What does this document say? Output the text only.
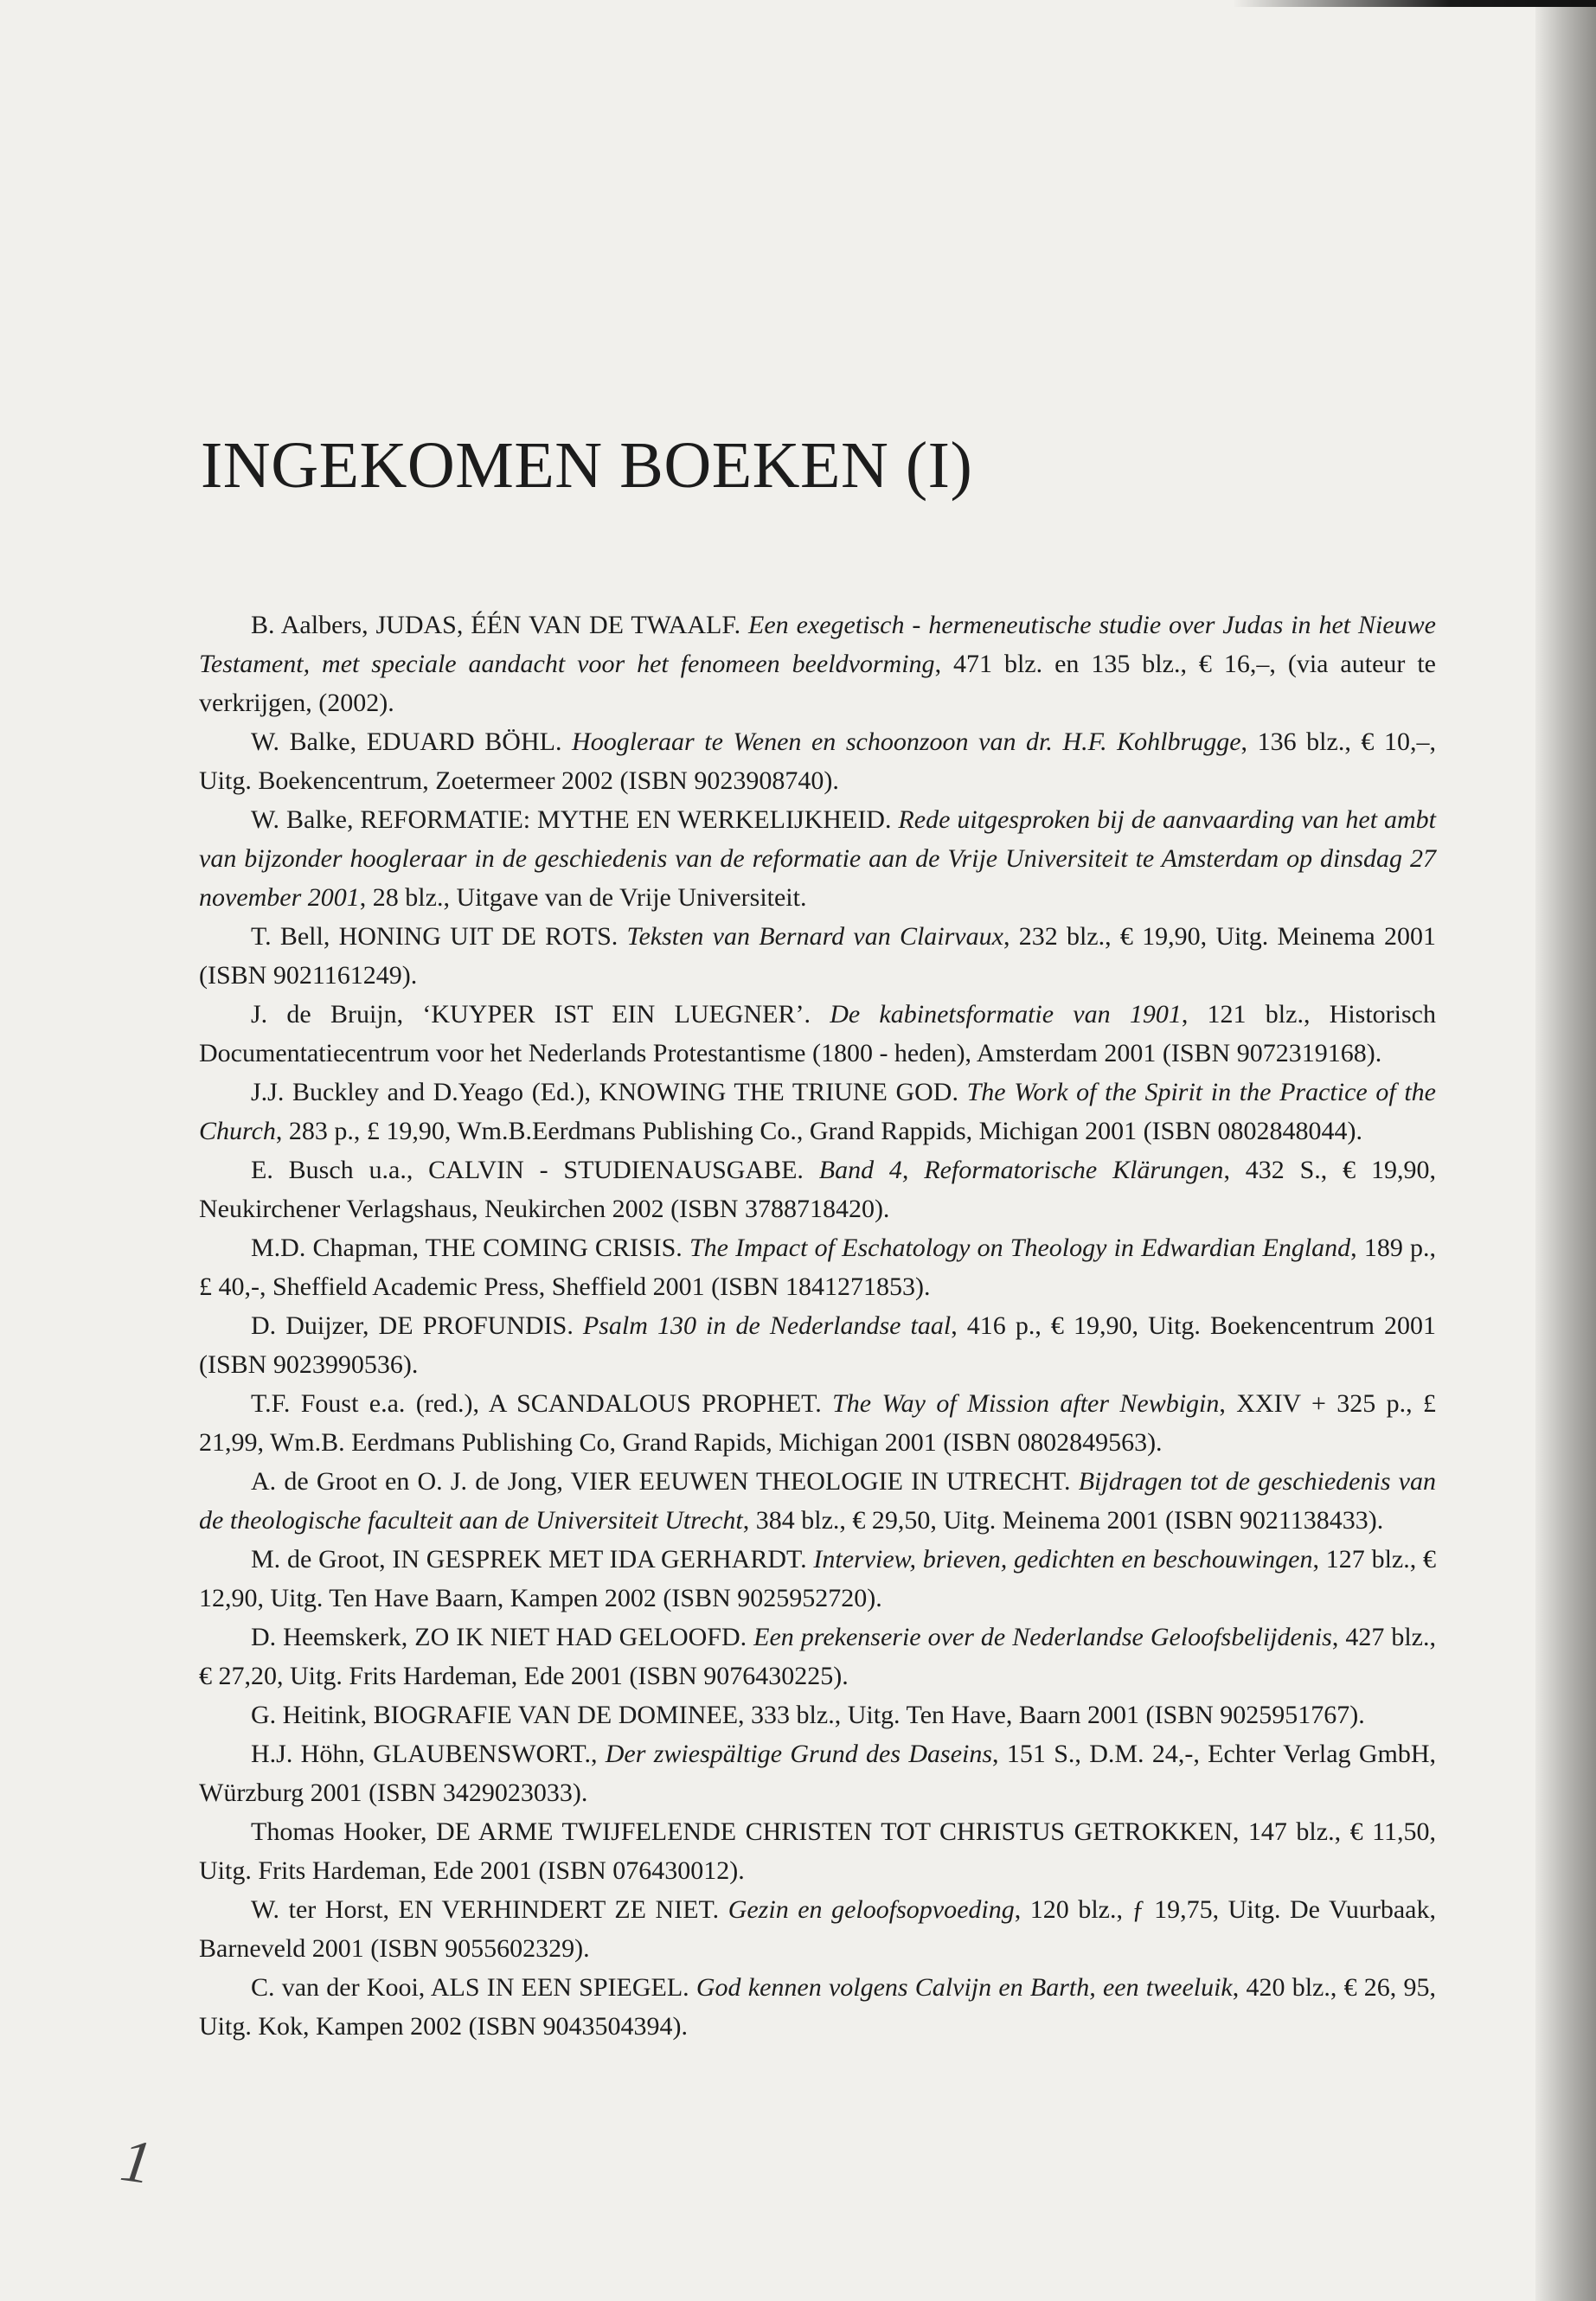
INGEKOMEN BOEKEN (I)

B. Aalbers, JUDAS, ÉÉN VAN DE TWAALF. Een exegetisch - hermeneutische studie over Judas in het Nieuwe Testament, met speciale aandacht voor het fenomeen beeldvorming, 471 blz. en 135 blz., € 16,–, (via auteur te verkrijgen, (2002).

W. Balke, EDUARD BÖHL. Hoogleraar te Wenen en schoonzoon van dr. H.F. Kohlbrugge, 136 blz., € 10,–, Uitg. Boekencentrum, Zoetermeer 2002 (ISBN 9023908740).

W. Balke, REFORMATIE: MYTHE EN WERKELIJKHEID. Rede uitgesproken bij de aanvaarding van het ambt van bijzonder hoogleraar in de geschiedenis van de reformatie aan de Vrije Universiteit te Amsterdam op dinsdag 27 november 2001, 28 blz., Uitgave van de Vrije Universiteit.

T. Bell, HONING UIT DE ROTS. Teksten van Bernard van Clairvaux, 232 blz., € 19,90, Uitg. Meinema 2001 (ISBN 9021161249).

J. de Bruijn, ‘KUYPER IST EIN LUEGNER’. De kabinetsformatie van 1901, 121 blz., Historisch Documentatiecentrum voor het Nederlands Protestantisme (1800 - heden), Amsterdam 2001 (ISBN 9072319168).

J.J. Buckley and D.Yeago (Ed.), KNOWING THE TRIUNE GOD. The Work of the Spirit in the Practice of the Church, 283 p., £ 19,90, Wm.B.Eerdmans Publishing Co., Grand Rappids, Michigan 2001 (ISBN 0802848044).

E. Busch u.a., CALVIN - STUDIENAUSGABE. Band 4, Reformatorische Klärungen, 432 S., € 19,90, Neukirchener Verlagshaus, Neukirchen 2002 (ISBN 3788718420).

M.D. Chapman, THE COMING CRISIS. The Impact of Eschatology on Theology in Edwardian England, 189 p., £ 40,-, Sheffield Academic Press, Sheffield 2001 (ISBN 1841271853).

D. Duijzer, DE PROFUNDIS. Psalm 130 in de Nederlandse taal, 416 p., € 19,90, Uitg. Boekencentrum 2001 (ISBN 9023990536).

T.F. Foust e.a. (red.), A SCANDALOUS PROPHET. The Way of Mission after Newbigin, XXIV + 325 p., £ 21,99, Wm.B. Eerdmans Publishing Co, Grand Rapids, Michigan 2001 (ISBN 0802849563).

A. de Groot en O. J. de Jong, VIER EEUWEN THEOLOGIE IN UTRECHT. Bijdragen tot de geschiedenis van de theologische faculteit aan de Universiteit Utrecht, 384 blz., € 29,50, Uitg. Meinema 2001 (ISBN 9021138433).

M. de Groot, IN GESPREK MET IDA GERHARDT. Interview, brieven, gedichten en beschouwingen, 127 blz., € 12,90, Uitg. Ten Have Baarn, Kampen 2002 (ISBN 9025952720).

D. Heemskerk, ZO IK NIET HAD GELOOFD. Een prekenserie over de Nederlandse Geloofsbelijdenis, 427 blz., € 27,20, Uitg. Frits Hardeman, Ede 2001 (ISBN 9076430225).

G. Heitink, BIOGRAFIE VAN DE DOMINEE, 333 blz., Uitg. Ten Have, Baarn 2001 (ISBN 9025951767).

H.J. Höhn, GLAUBENSWORT., Der zwiespältige Grund des Daseins, 151 S., D.M. 24,-, Echter Verlag GmbH, Würzburg 2001 (ISBN 3429023033).

Thomas Hooker, DE ARME TWIJFELENDE CHRISTEN TOT CHRISTUS GETROKKEN, 147 blz., € 11,50, Uitg. Frits Hardeman, Ede 2001 (ISBN 076430012).

W. ter Horst, EN VERHINDERT ZE NIET. Gezin en geloofsopvoeding, 120 blz., ƒ 19,75, Uitg. De Vuurbaak, Barneveld 2001 (ISBN 9055602329).

C. van der Kooi, ALS IN EEN SPIEGEL. God kennen volgens Calvijn en Barth, een tweeluik, 420 blz., € 26, 95, Uitg. Kok, Kampen 2002 (ISBN 9043504394).

1
